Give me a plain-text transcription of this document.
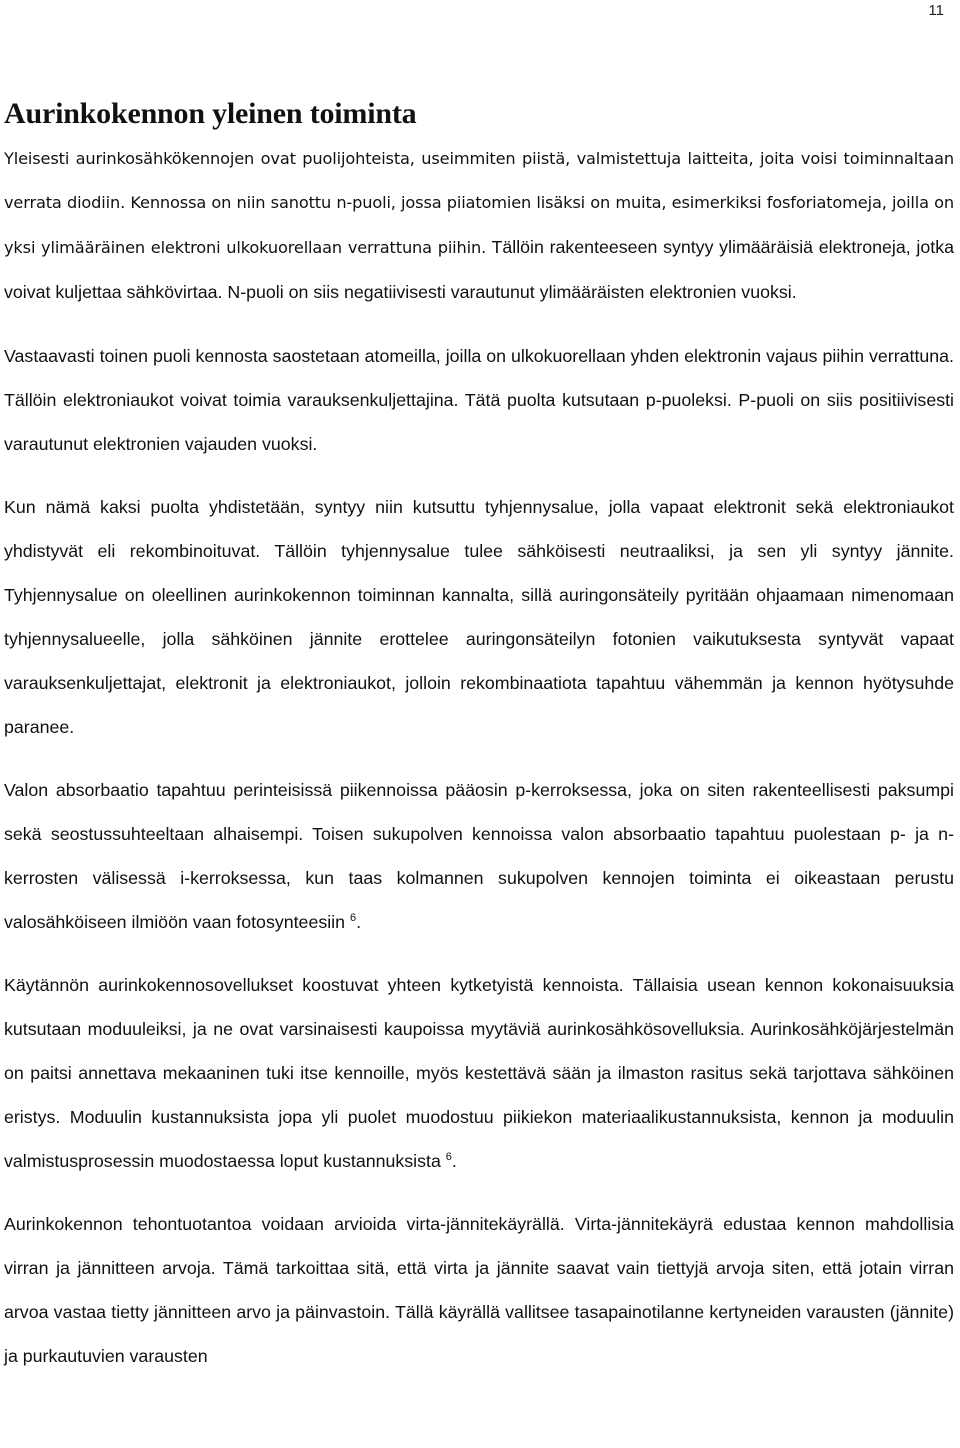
11
Aurinkokennon yleinen toiminta

Yleisesti aurinkosähkökennojen ovat puolijohteista, useimmiten piistä, valmistettuja laitteita, joita voisi toiminnaltaan verrata diodiin. Kennossa on niin sanottu n-puoli, jossa piiatomien lisäksi on muita, esimerkiksi fosforiatomeja, joilla on yksi ylimääräinen elektroni ulkokuorellaan verrattuna piihin. Tällöin rakenteeseen syntyy ylimääräisiä elektroneja, jotka voivat kuljettaa sähkövirtaa. N-puoli on siis negatiivisesti varautunut ylimääräisten elektronien vuoksi.

Vastaavasti toinen puoli kennosta saostetaan atomeilla, joilla on ulkokuorellaan yhden elektronin vajaus piihin verrattuna. Tällöin elektroniaukot voivat toimia varauksenkuljettajina. Tätä puolta kutsutaan p-puoleksi. P-puoli on siis positiivisesti varautunut elektronien vajauden vuoksi.

Kun nämä kaksi puolta yhdistetään, syntyy niin kutsuttu tyhjennysalue, jolla vapaat elektronit sekä elektroniaukot yhdistyvät eli rekombinoituvat. Tällöin tyhjennysalue tulee sähköisesti neutraaliksi, ja sen yli syntyy jännite. Tyhjennysalue on oleellinen aurinkokennon toiminnan kannalta, sillä auringonsäteily pyritään ohjaamaan nimenomaan tyhjennysalueelle, jolla sähköinen jännite erottelee auringonsäteilyn fotonien vaikutuksesta syntyvät vapaat varauksenkuljettajat, elektronit ja elektroniaukot, jolloin rekombinaatiota tapahtuu vähemmän ja kennon hyötysuhde paranee.

Valon absorbaatio tapahtuu perinteisissä piikennoissa pääosin p-kerroksessa, joka on siten rakenteellisesti paksumpi sekä seostussuhteeltaan alhaisempi. Toisen sukupolven kennoissa valon absorbaatio tapahtuu puolestaan p- ja n-kerrosten välisessä i-kerroksessa, kun taas kolmannen sukupolven kennojen toiminta ei oikeastaan perustu valosähköiseen ilmiöön vaan fotosynteesiin $^6$.

Käytännön aurinkokennosovellukset koostuvat yhteen kytketyistä kennoista. Tällaisia usean kennon kokonaisuuksia kutsutaan moduuleiksi, ja ne ovat varsinaisesti kaupoissa myytäviä aurinkosähkösovelluksia. Aurinkosähköjärjestelmän on paitsi annettava mekaaninen tuki itse kennoille, myös kestettävä sään ja ilmaston rasitus sekä tarjottava sähköinen eristys. Moduulin kustannuksista jopa yli puolet muodostuu piikiekon materiaalikustannuksista, kennon ja moduulin valmistusprosessin muodostaessa loput kustannuksista $^6$.

Aurinkokennon tehontuotantoa voidaan arvioida virta-jännitekäyrällä. Virta-jännitekäyrä edustaa kennon mahdollisia virran ja jännitteen arvoja. Tämä tarkoittaa sitä, että virta ja jännite saavat vain tiettyjä arvoja siten, että jotain virran arvoa vastaa tietty jännitteen arvo ja päinvastoin. Tällä käyrällä vallitsee tasapainotilanne kertyneiden varausten (jännite) ja purkautuvien varausten
